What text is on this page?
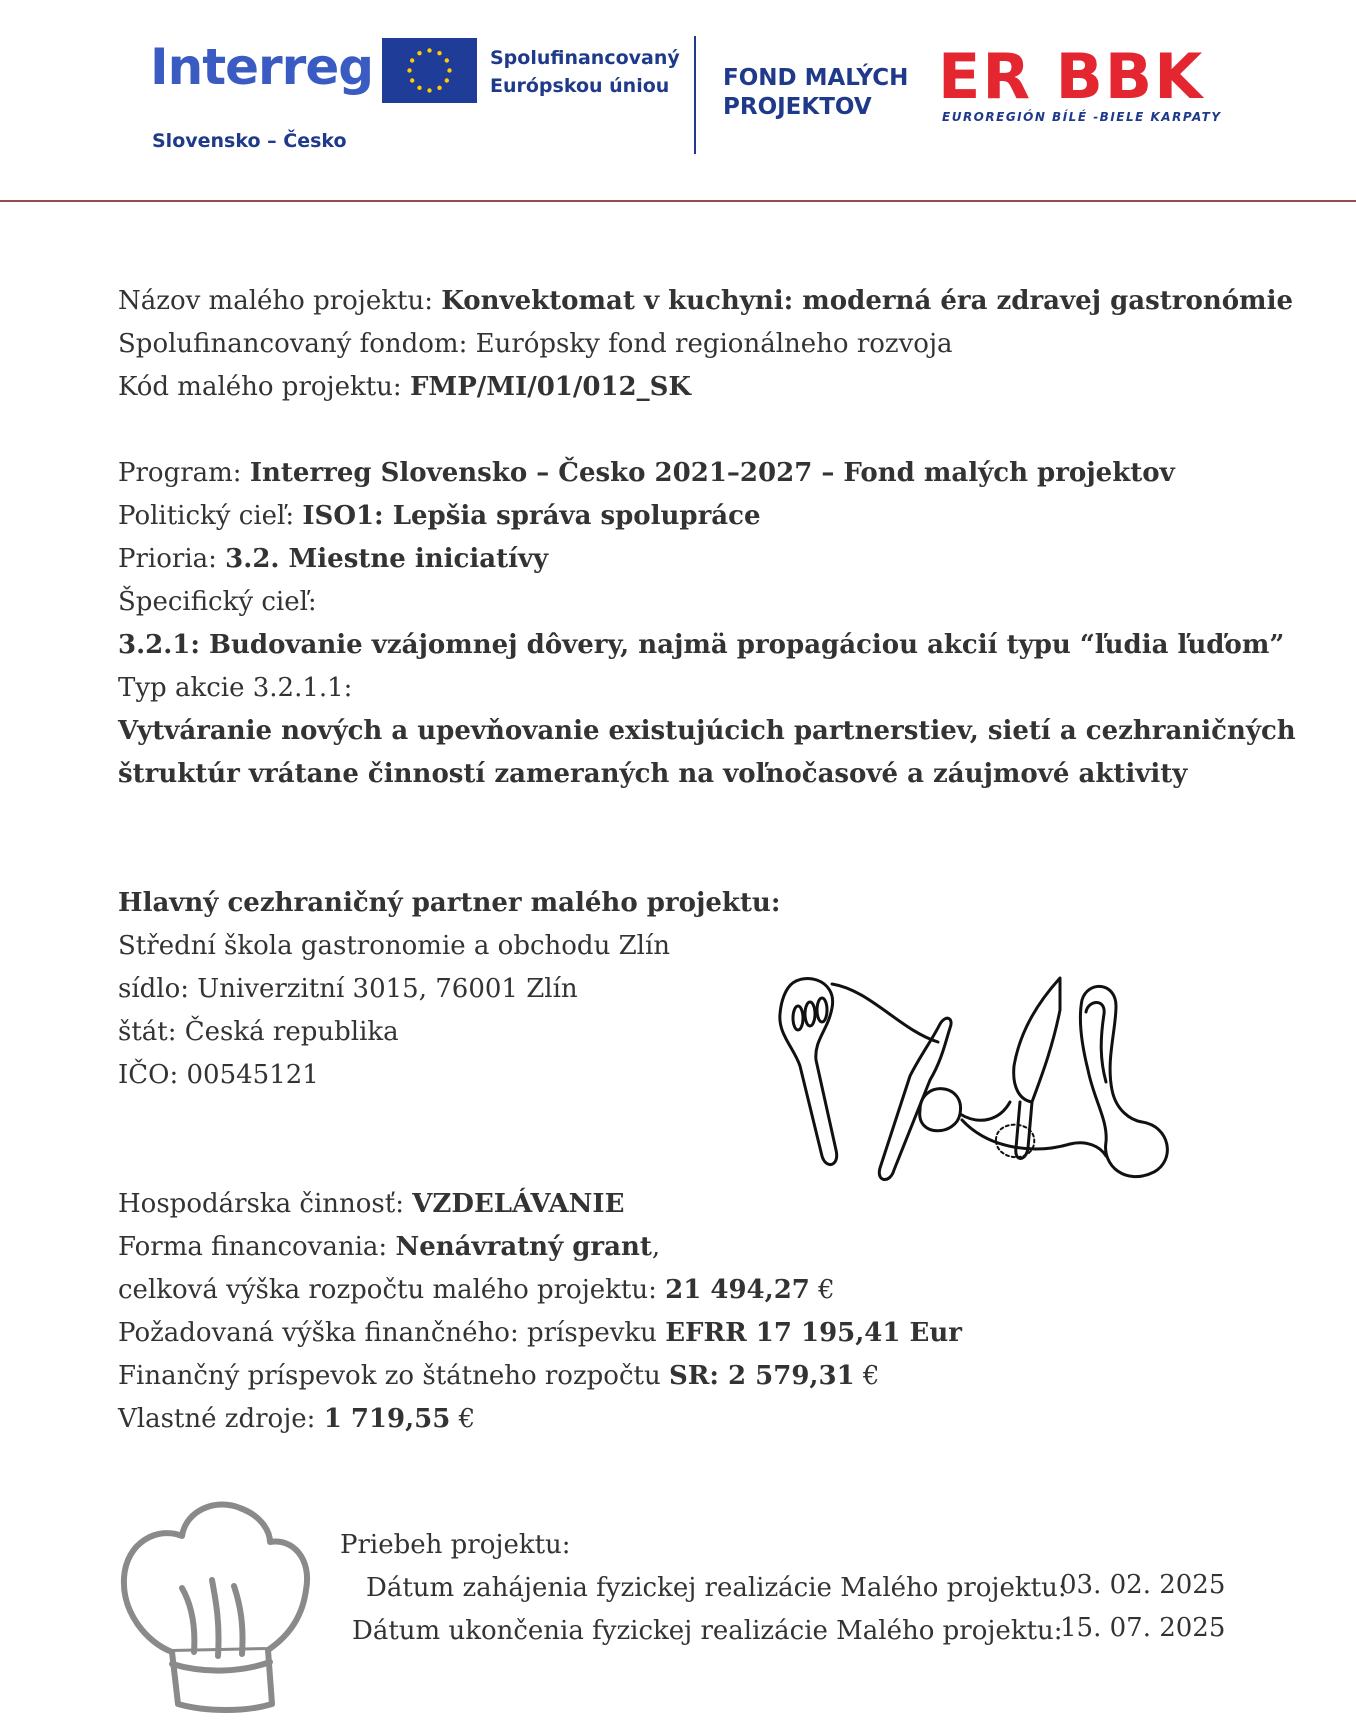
Interreg
Slovensko – Česko
Spolufinancovaný
Európskou úniou	FOND MALÝCH
PROJEKTOV	ER BBK
EUROREGIÓN BÍLÉ -BIELE KARPATY
Názov malého projektu: Konvektomat v kuchyni: moderná éra zdravej gastronómie
Spolufinancovaný fondom: Európsky fond regionálneho rozvoja
Kód malého projektu: FMP/MI/01/012_SK
Program: Interreg Slovensko – Česko 2021–2027 – Fond malých projektov
Politický cieľ: ISO1: Lepšia správa spolupráce
Prioria: 3.2. Miestne iniciatívy
Špecifický cieľ:
3.2.1: Budovanie vzájomnej dôvery, najmä propagáciou akcií typu “ľudia ľuďom”
Typ akcie 3.2.1.1:
Vytváranie nových a upevňovanie existujúcich partnerstiev, sietí a cezhraničných
štruktúr vrátane činností zameraných na voľnočasové a záujmové aktivity
Hlavný cezhraničný partner malého projektu:
Střední škola gastronomie a obchodu Zlín
sídlo: Univerzitní 3015, 76001 Zlín
štát: Česká republika
IČO: 00545121
Hospodárska činnosť: VZDELÁVANIE
Forma financovania: Nenávratný grant,
celková výška rozpočtu malého projektu: 21 494,27 €
Požadovaná výška finančného: príspevku EFRR 17 195,41 Eur
Finančný príspevok zo štátneho rozpočtu SR: 2 579,31 €
Vlastné zdroje: 1 719,55 €
Priebeh projektu:
Dátum zahájenia fyzickej realizácie Malého projektu:
03. 02. 2025
Dátum ukončenia fyzickej realizácie Malého projektu:
15. 07. 2025
